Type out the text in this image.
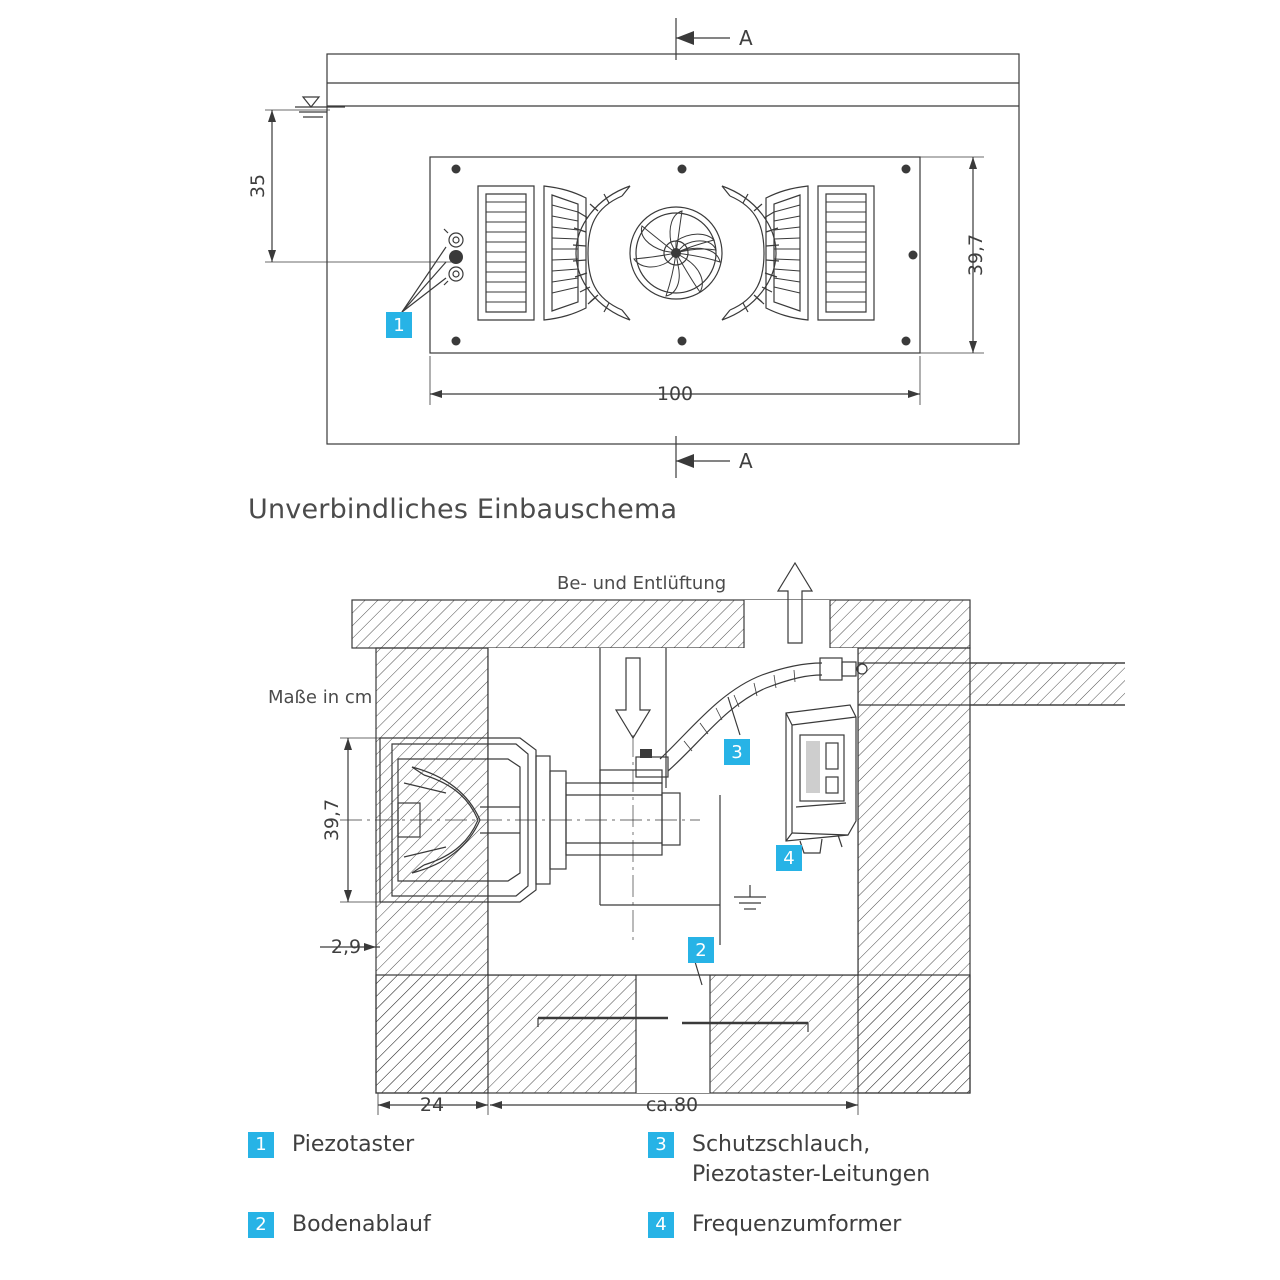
A
A
35
39,7
100
1
Unverbindliches Einbauschema
Be- und Entlüftung
Maße in cm
39,7
2,9
24	ca.80
3
4
2
1	Piezotaster	3	Schutzschlauch,
Piezotaster-Leitungen
2	Bodenablauf	4	Frequenzumformer
